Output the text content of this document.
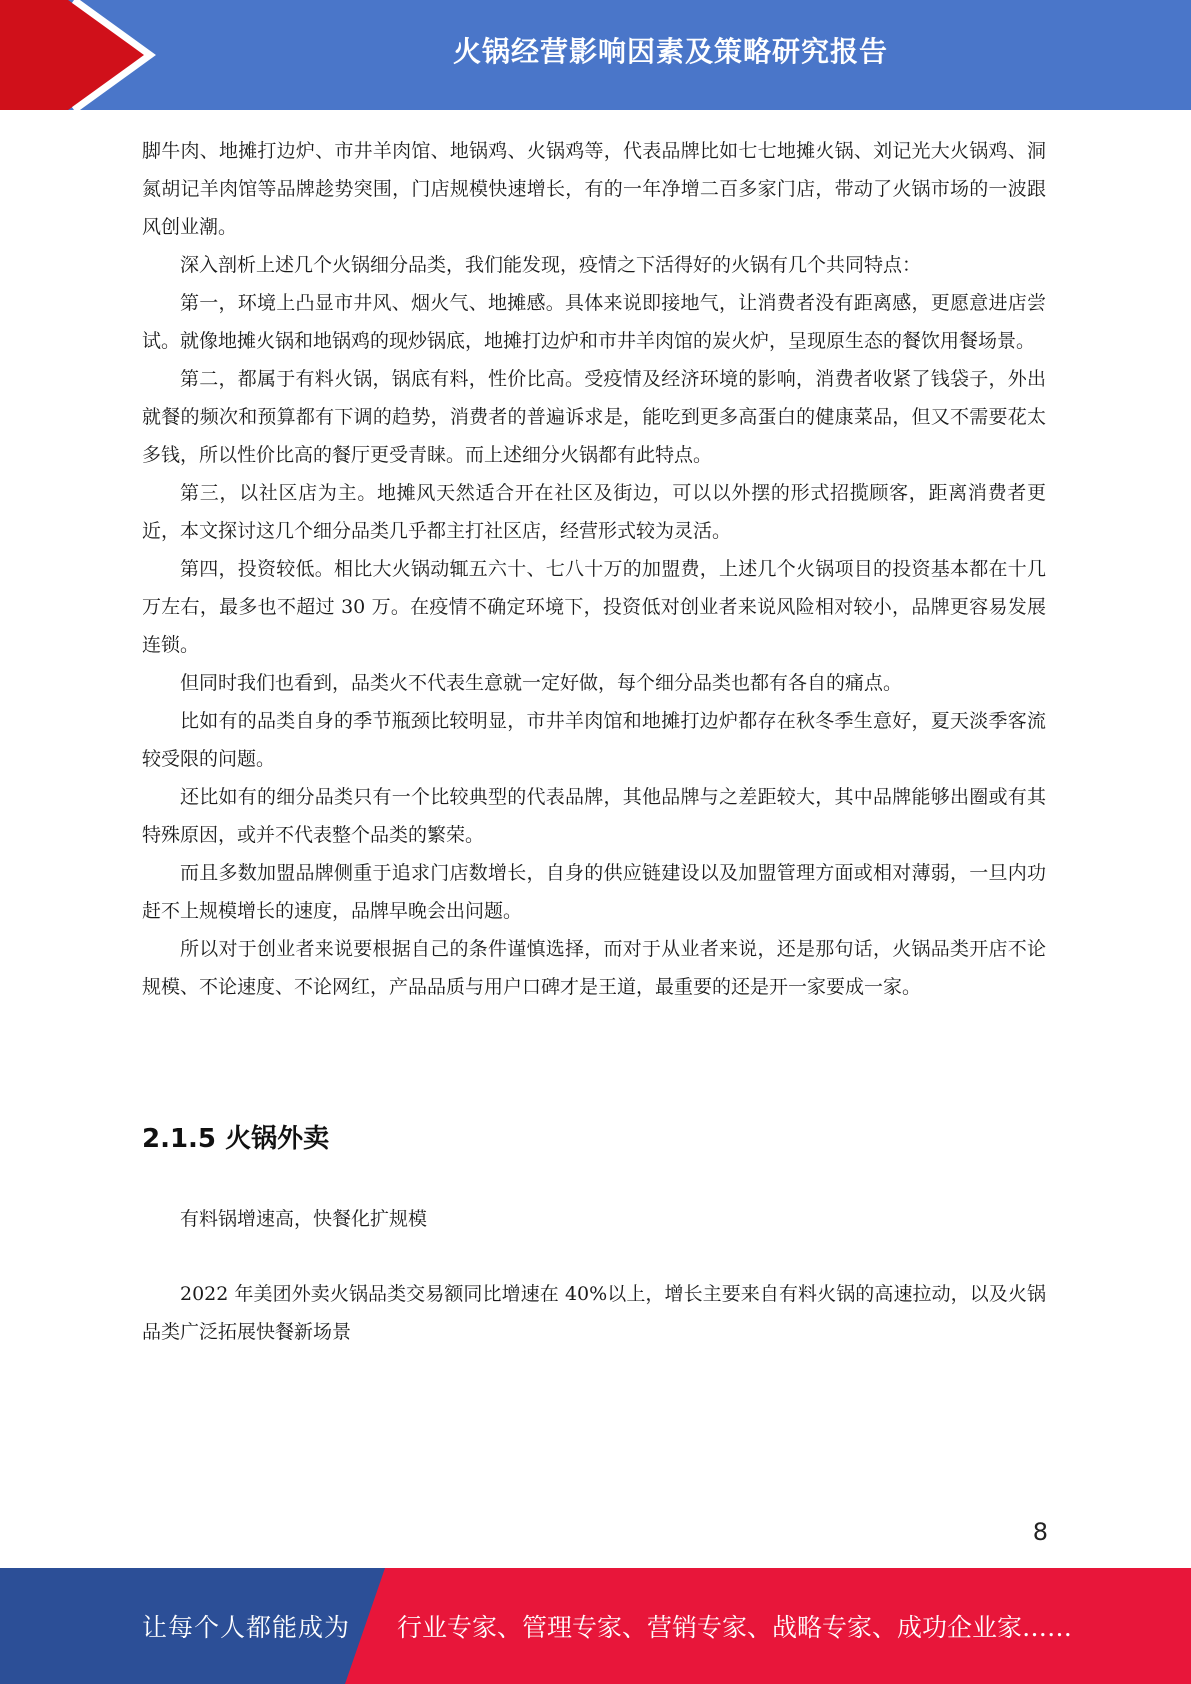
火锅经营影响因素及策略研究报告

脚牛肉、地摊打边炉、市井羊肉馆、地锅鸡、火锅鸡等，代表品牌比如七七地摊火锅、刘记光大火锅鸡、洞氮胡记羊肉馆等品牌趁势突围，门店规模快速增长，有的一年净增二百多家门店，带动了火锅市场的一波跟风创业潮。

深入剖析上述几个火锅细分品类，我们能发现，疫情之下活得好的火锅有几个共同特点：

第一，环境上凸显市井风、烟火气、地摊感。具体来说即接地气，让消费者没有距离感，更愿意进店尝试。就像地摊火锅和地锅鸡的现炒锅底，地摊打边炉和市井羊肉馆的炭火炉，呈现原生态的餐饮用餐场景。

第二，都属于有料火锅，锅底有料，性价比高。受疫情及经济环境的影响，消费者收紧了钱袋子，外出就餐的频次和预算都有下调的趋势，消费者的普遍诉求是，能吃到更多高蛋白的健康菜品，但又不需要花太多钱，所以性价比高的餐厅更受青睐。而上述细分火锅都有此特点。

第三，以社区店为主。地摊风天然适合开在社区及街边，可以以外摆的形式招揽顾客，距离消费者更近，本文探讨这几个细分品类几乎都主打社区店，经营形式较为灵活。

第四，投资较低。相比大火锅动辄五六十、七八十万的加盟费，上述几个火锅项目的投资基本都在十几万左右，最多也不超过 30 万。在疫情不确定环境下，投资低对创业者来说风险相对较小，品牌更容易发展连锁。

但同时我们也看到，品类火不代表生意就一定好做，每个细分品类也都有各自的痛点。

比如有的品类自身的季节瓶颈比较明显，市井羊肉馆和地摊打边炉都存在秋冬季生意好，夏天淡季客流较受限的问题。

还比如有的细分品类只有一个比较典型的代表品牌，其他品牌与之差距较大，其中品牌能够出圈或有其特殊原因，或并不代表整个品类的繁荣。

而且多数加盟品牌侧重于追求门店数增长，自身的供应链建设以及加盟管理方面或相对薄弱，一旦内功赶不上规模增长的速度，品牌早晚会出问题。

所以对于创业者来说要根据自己的条件谨慎选择，而对于从业者来说，还是那句话，火锅品类开店不论规模、不论速度、不论网红，产品品质与用户口碑才是王道，最重要的还是开一家要成一家。

2.1.5 火锅外卖

有料锅增速高，快餐化扩规模

2022 年美团外卖火锅品类交易额同比增速在 40%以上，增长主要来自有料火锅的高速拉动，以及火锅品类广泛拓展快餐新场景

8
让每个人都能成为 行业专家、管理专家、营销专家、战略专家、成功企业家……
